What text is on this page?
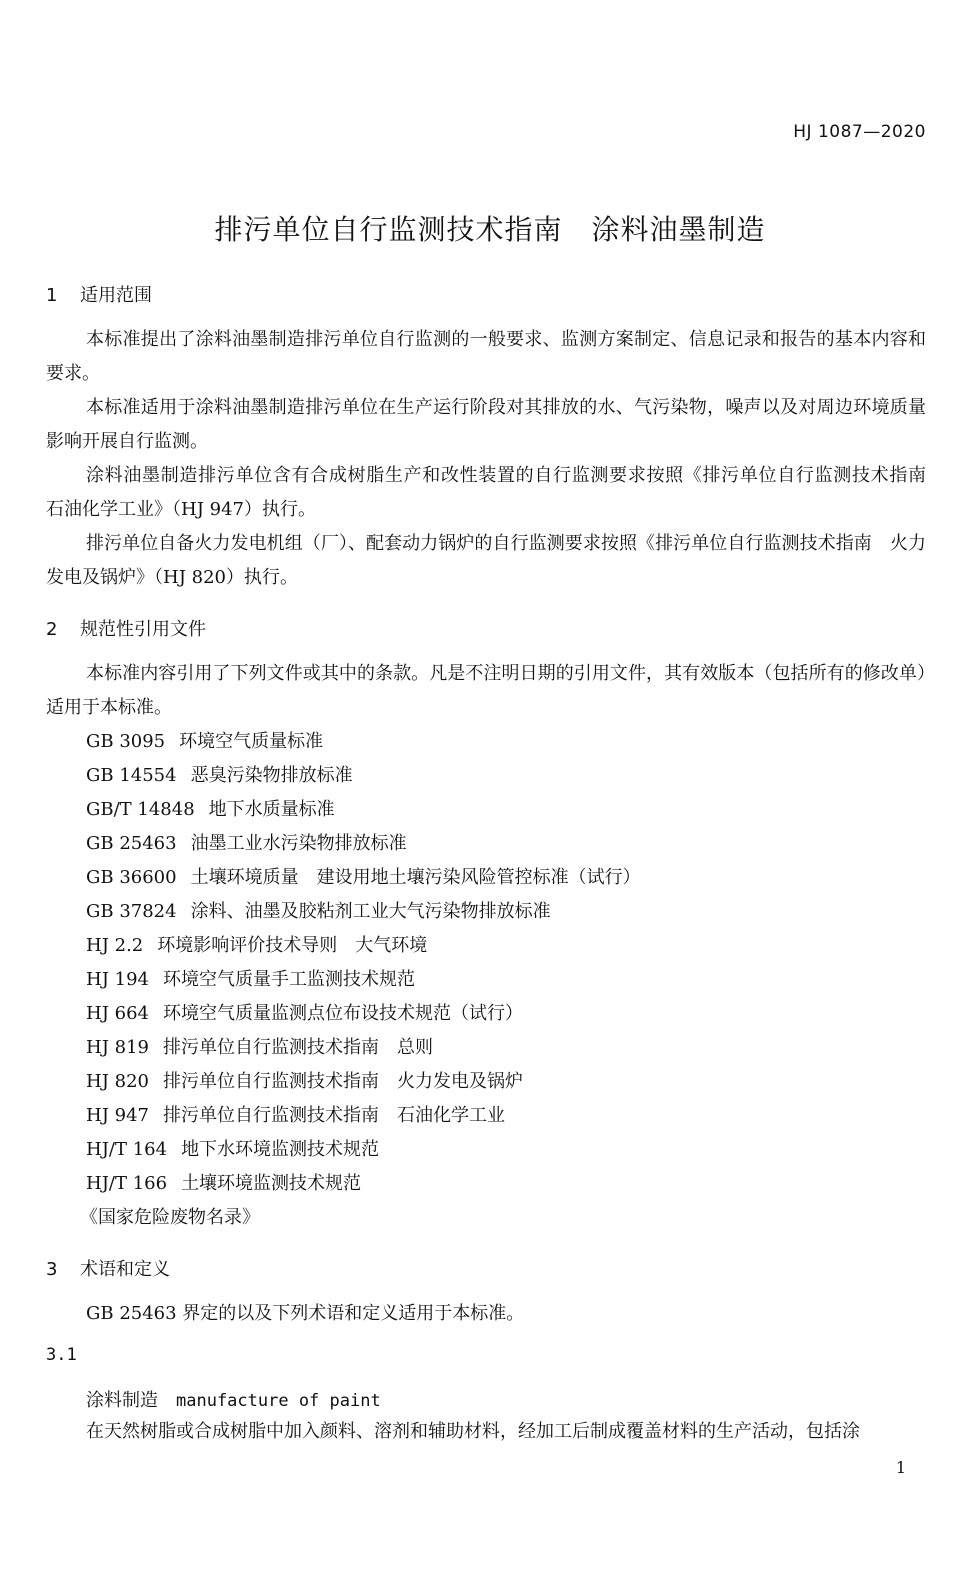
HJ 1087—2020
排污单位自行监测技术指南　涂料油墨制造
1 适用范围
本标准提出了涂料油墨制造排污单位自行监测的一般要求、监测方案制定、信息记录和报告的基本内容和要求。
本标准适用于涂料油墨制造排污单位在生产运行阶段对其排放的水、气污染物，噪声以及对周边环境质量影响开展自行监测。
涂料油墨制造排污单位含有合成树脂生产和改性装置的自行监测要求按照《排污单位自行监测技术指南　石油化学工业》（HJ 947）执行。
排污单位自备火力发电机组（厂）、配套动力锅炉的自行监测要求按照《排污单位自行监测技术指南　火力发电及锅炉》（HJ 820）执行。
2 规范性引用文件
本标准内容引用了下列文件或其中的条款。凡是不注明日期的引用文件，其有效版本（包括所有的修改单）适用于本标准。
GB 3095 环境空气质量标准
GB 14554 恶臭污染物排放标准
GB/T 14848 地下水质量标准
GB 25463 油墨工业水污染物排放标准
GB 36600 土壤环境质量　建设用地土壤污染风险管控标准（试行）
GB 37824 涂料、油墨及胶粘剂工业大气污染物排放标准
HJ 2.2 环境影响评价技术导则　大气环境
HJ 194 环境空气质量手工监测技术规范
HJ 664 环境空气质量监测点位布设技术规范（试行）
HJ 819 排污单位自行监测技术指南　总则
HJ 820 排污单位自行监测技术指南　火力发电及锅炉
HJ 947 排污单位自行监测技术指南　石油化学工业
HJ/T 164 地下水环境监测技术规范
HJ/T 166 土壤环境监测技术规范
《国家危险废物名录》
3 术语和定义
GB 25463 界定的以及下列术语和定义适用于本标准。
3.1
涂料制造 manufacture of paint
在天然树脂或合成树脂中加入颜料、溶剂和辅助材料，经加工后制成覆盖材料的生产活动，包括涂
1
